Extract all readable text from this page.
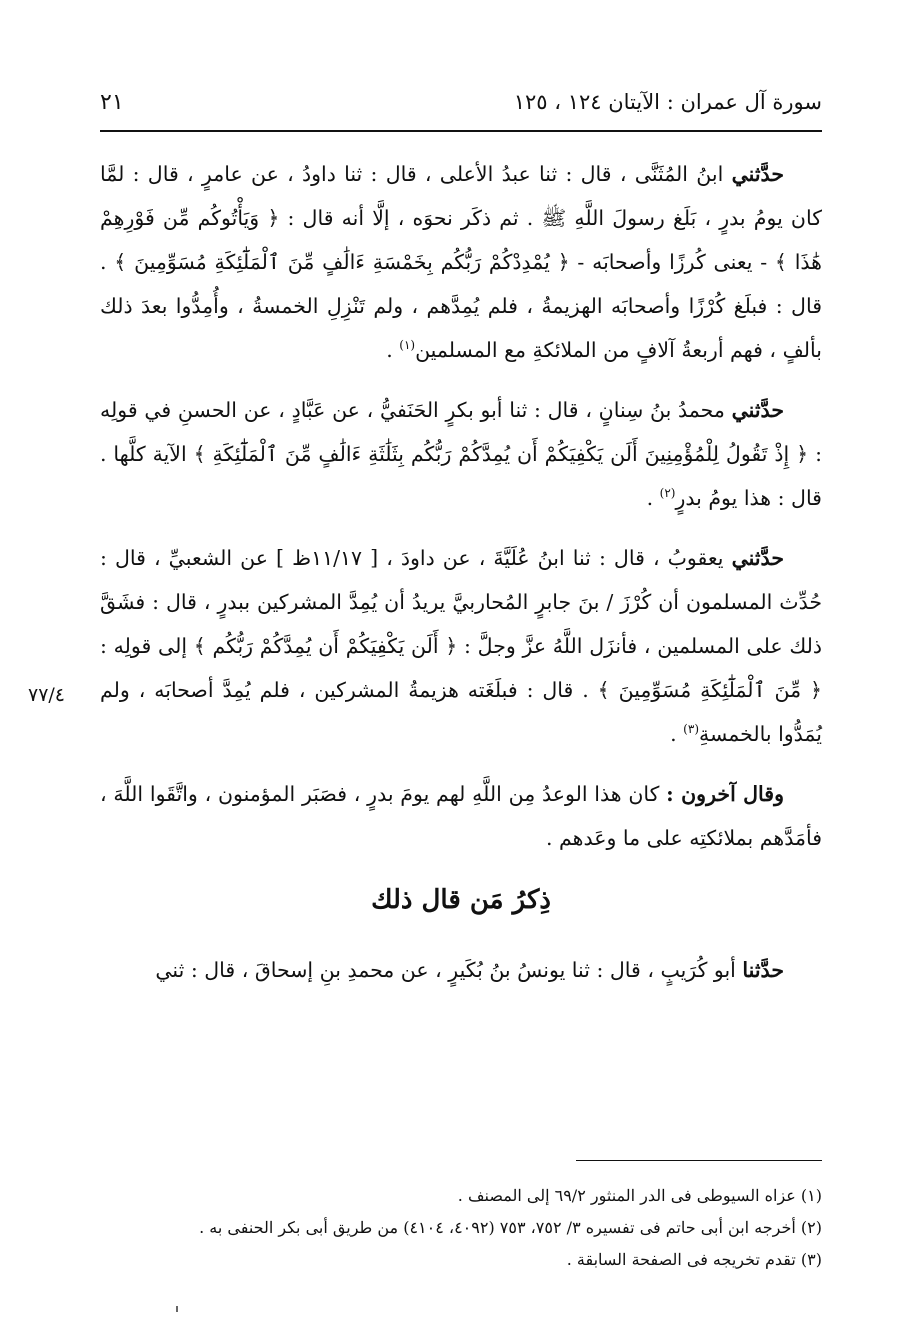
سورة آل عمران : الآيتان ١٢٤ ، ١٢٥
٢١
٧٧/٤

حدَّثني ابنُ المُثَنَّى ، قال : ثنا عبدُ الأعلى ، قال : ثنا داودُ ، عن عامرٍ ، قال : لمَّا كان يومُ بدرٍ ، بَلَغ رسولَ اللَّهِ ﷺ . ثم ذكَر نحوَه ، إلَّا أنه قال : ﴿ وَيَأْتُوكُم مِّن فَوْرِهِمْ هَٰذَا ﴾ - يعنى كُرزًا وأصحابَه - ﴿ يُمْدِدْكُمْ رَبُّكُم بِخَمْسَةِ ءَالَٰفٍ مِّنَ ٱلْمَلَٰٓئِكَةِ مُسَوِّمِينَ ﴾ . قال : فبلَغ كُرْزًا وأصحابَه الهزيمةُ ، فلم يُمِدَّهم ، ولم تَنْزِلِ الخمسةُ ، وأُمِدُّوا بعدَ ذلك بألفٍ ، فهم أربعةُ آلافٍ من الملائكةِ مع المسلمين$^{(١)}$ .

حدَّثني محمدُ بنُ سِنانٍ ، قال : ثنا أبو بكرٍ الحَنَفيُّ ، عن عَبَّادٍ ، عن الحسنِ في قولِه : ﴿ إِذْ تَقُولُ لِلْمُؤْمِنِينَ أَلَن يَكْفِيَكُمْ أَن يُمِدَّكُمْ رَبُّكُم بِثَلَٰثَةِ ءَالَٰفٍ مِّنَ ٱلْمَلَٰٓئِكَةِ ﴾ الآية كلَّها . قال : هذا يومُ بدرٍ$^{(٢)}$ .

حدَّثني يعقوبُ ، قال : ثنا ابنُ عُلَيَّةَ ، عن داودَ ، [ ١١/١٧ظ ] عن الشعبيِّ ، قال : حُدِّث المسلمون أن كُرْزَ / بنَ جابرٍ المُحاربيَّ يريدُ أن يُمِدَّ المشركين ببدرٍ ، قال : فشَقَّ ذلك على المسلمين ، فأنزَل اللَّهُ عزَّ وجلَّ : ﴿ أَلَن يَكْفِيَكُمْ أَن يُمِدَّكُمْ رَبُّكُم ﴾ إلى قولِه : ﴿ مِّنَ ٱلْمَلَٰٓئِكَةِ مُسَوِّمِينَ ﴾ . قال : فبلَغَته هزيمةُ المشركين ، فلم يُمِدَّ أصحابَه ، ولم يُمَدُّوا بالخمسةِ$^{(٣)}$ .

وقال آخرون : كان هذا الوعدُ مِن اللَّهِ لهم يومَ بدرٍ ، فصَبَر المؤمنون ، واتَّقَوا اللَّهَ ، فأمَدَّهم بملائكتِه على ما وعَدهم .

ذِكرُ مَن قال ذلك

حدَّثنا أبو كُرَيبٍ ، قال : ثنا يونسُ بنُ بُكَيرٍ ، عن محمدِ بنِ إسحاقَ ، قال : ثني

(١) عزاه السيوطى فى الدر المنثور ٦٩/٢ إلى المصنف .
(٢) أخرجه ابن أبى حاتم فى تفسيره ٣/ ٧٥٢، ٧٥٣ (٤٠٩٢، ٤١٠٤) من طريق أبى بكر الحنفى به .
(٣) تقدم تخريجه فى الصفحة السابقة .
